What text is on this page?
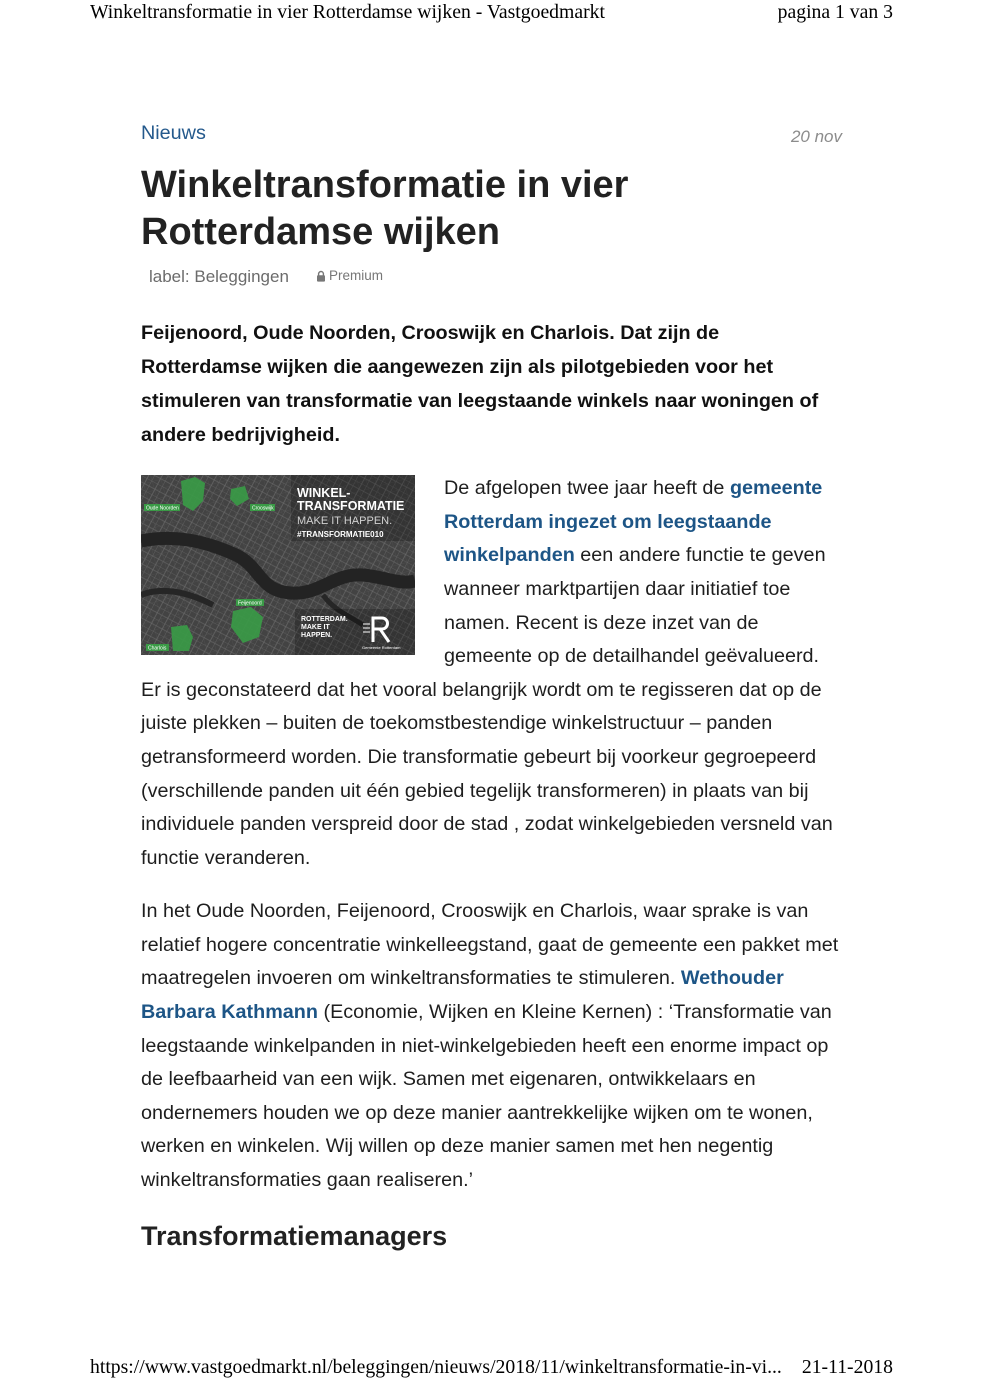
Winkeltransformatie in vier Rotterdamse wijken - Vastgoedmarkt	pagina 1 van 3
Nieuws	20 nov
Winkeltransformatie in vier
Rotterdamse wijken
label: Beleggingen	Premium
Feijenoord, Oude Noorden, Crooswijk en Charlois. Dat zijn de
Rotterdamse wijken die aangewezen zijn als pilotgebieden voor het
stimuleren van transformatie van leegstaande winkels naar woningen of
andere bedrijvigheid.
Oude Noorden	Crooswijk
Feijenoord
Charlois
WINKEL-
TRANSFORMATIE
MAKE IT HAPPEN.
#TRANSFORMATIE010
ROTTERDAM.
MAKE IT
HAPPEN.
Gemeente Rotterdam
De afgelopen twee jaar heeft de gemeente
Rotterdam ingezet om leegstaande
winkelpanden een andere functie te geven
wanneer marktpartijen daar initiatief toe
namen. Recent is deze inzet van de
gemeente op de detailhandel geëvalueerd.
Er is geconstateerd dat het vooral belangrijk wordt om te regisseren dat op de
juiste plekken – buiten de toekomstbestendige winkelstructuur – panden
getransformeerd worden. Die transformatie gebeurt bij voorkeur gegroepeerd
(verschillende panden uit één gebied tegelijk transformeren) in plaats van bij
individuele panden verspreid door de stad , zodat winkelgebieden versneld van
functie veranderen.
In het Oude Noorden, Feijenoord, Crooswijk en Charlois, waar sprake is van
relatief hogere concentratie winkelleegstand, gaat de gemeente een pakket met
maatregelen invoeren om winkeltransformaties te stimuleren. Wethouder
Barbara Kathmann (Economie, Wijken en Kleine Kernen) : ‘Transformatie van
leegstaande winkelpanden in niet-winkelgebieden heeft een enorme impact op
de leefbaarheid van een wijk. Samen met eigenaren, ontwikkelaars en
ondernemers houden we op deze manier aantrekkelijke wijken om te wonen,
werken en winkelen. Wij willen op deze manier samen met hen negentig
winkeltransformaties gaan realiseren.’
Transformatiemanagers
https://www.vastgoedmarkt.nl/beleggingen/nieuws/2018/11/winkeltransformatie-in-vi... 21-11-2018
